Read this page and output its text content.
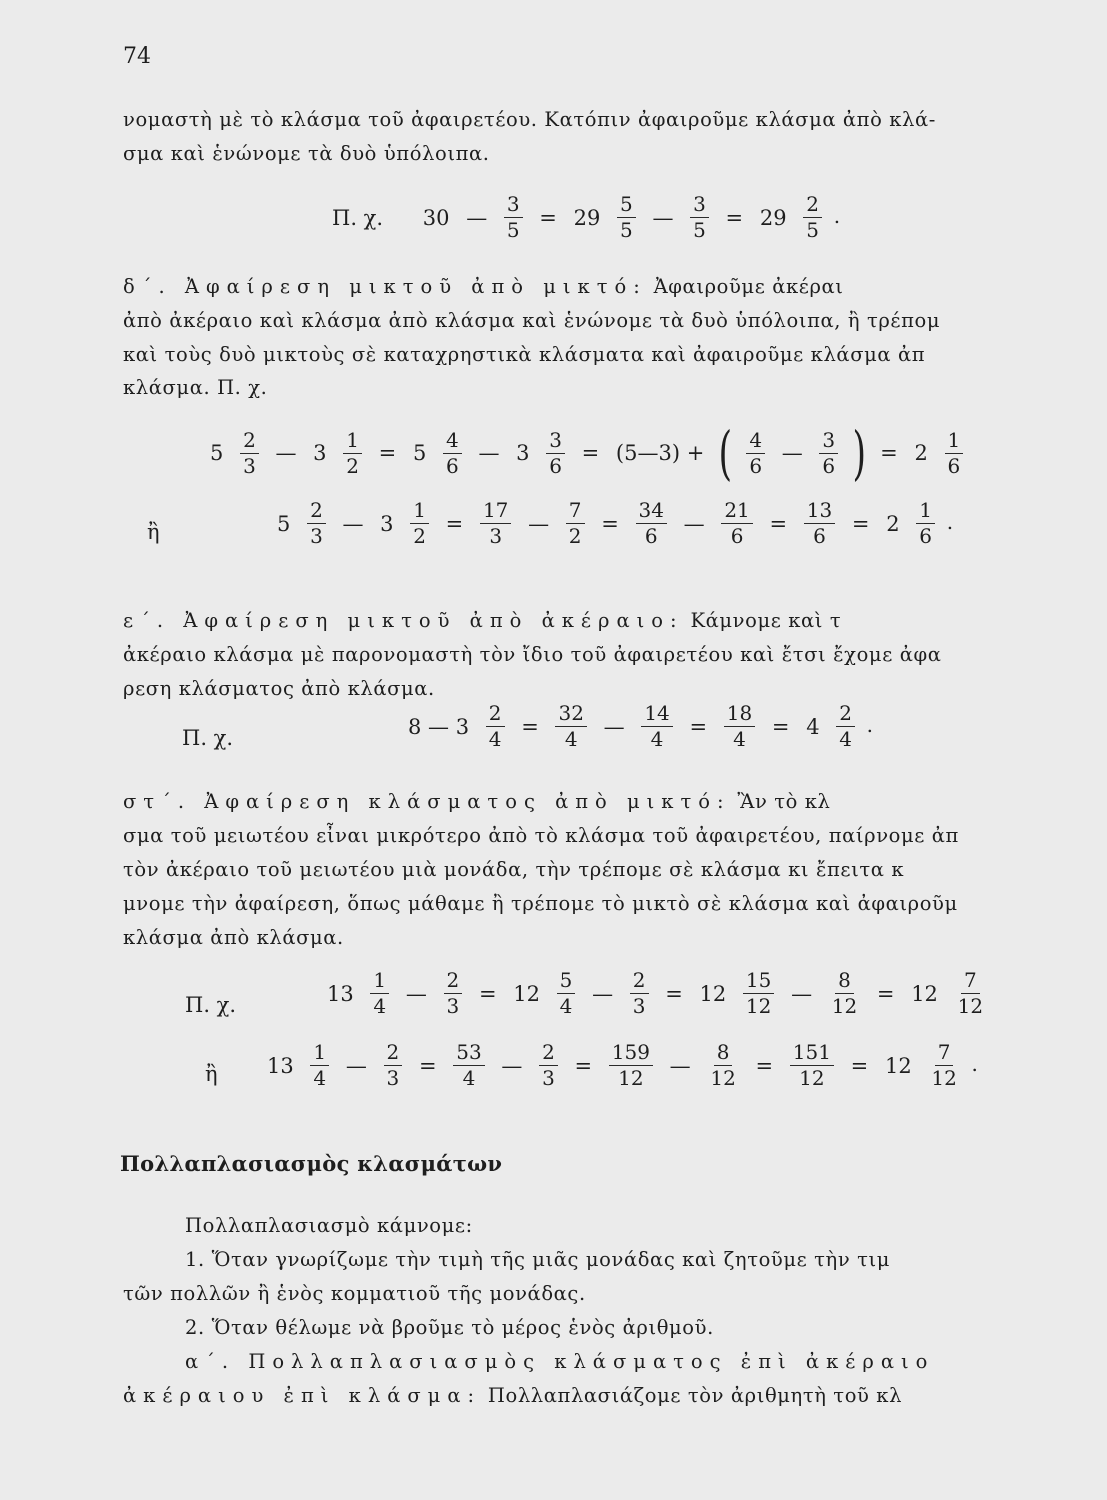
74
νομαστὴ μὲ τὸ κλάσμα τοῦ ἀφαιρετέου. Κατόπιν ἀφαιροῦμε κλάσμα ἀπὸ κλά-
σμα καὶ ἑνώνομε τὰ δυὸ ὑπόλοιπα.
Π. χ. 30 — $\frac{3}{5} = 29 \frac{5}{5}$ — $\frac{3}{5} = 29 \frac{2}{5}$ .
δ΄. Ἀφαίρεση μικτοῦ ἀπὸ μικτό: Ἀφαιροῦμε ἀκέραι
ἀπὸ ἀκέραιο καὶ κλάσμα ἀπὸ κλάσμα καὶ ἑνώνομε τὰ δυὸ ὑπόλοιπα, ἢ τρέπομ
καὶ τοὺς δυὸ μικτοὺς σὲ καταχρηστικὰ κλάσματα καὶ ἀφαιροῦμε κλάσμα ἀπ
κλάσμα. Π. χ.
$5 \frac{2}{3}$ — $3 \frac{1}{2} = 5 \frac{4}{6}$ — $3 \frac{3}{6}$ = (5—3) + ( $\frac{4}{6}$ — $\frac{3}{6}$ ) = $2 \frac{1}{6}$
ἢ	$5 \frac{2}{3}$ — $3 \frac{1}{2} = \frac{17}{3}$ — $\frac{7}{2} = \frac{34}{6}$ — $\frac{21}{6} = \frac{13}{6} = 2 \frac{1}{6}$ .
ε΄. Ἀφαίρεση μικτοῦ ἀπὸ ἀκέραιο: Κάμνομε καὶ τ
ἀκέραιο κλάσμα μὲ παρονομαστὴ τὸν ἴδιο τοῦ ἀφαιρετέου καὶ ἔτσι ἔχομε ἀφα
ρεση κλάσματος ἀπὸ κλάσμα.
Π. χ.	8 — $3 \frac{2}{4} = \frac{32}{4}$ — $\frac{14}{4} = \frac{18}{4} = 4 \frac{2}{4}$ .
στ΄. Ἀφαίρεση κλάσματος ἀπὸ μικτό: Ἂν τὸ κλ
σμα τοῦ μειωτέου εἶναι μικρότερο ἀπὸ τὸ κλάσμα τοῦ ἀφαιρετέου, παίρνομε ἀπ
τὸν ἀκέραιο τοῦ μειωτέου μιὰ μονάδα, τὴν τρέπομε σὲ κλάσμα κι ἔπειτα κ
μνομε τὴν ἀφαίρεση, ὅπως μάθαμε ἢ τρέπομε τὸ μικτὸ σὲ κλάσμα καὶ ἀφαιροῦμ
κλάσμα ἀπὸ κλάσμα.
Π. χ.	$13 \frac{1}{4}$ — $\frac{2}{3} = 12 \frac{5}{4}$ — $\frac{2}{3} = 12 \frac{15}{12}$ — $\frac{8}{12} = 12 \frac{7}{12}$
ἢ $13 \frac{1}{4}$ — $\frac{2}{3} = \frac{53}{4}$ — $\frac{2}{3} = \frac{159}{12}$ — $\frac{8}{12} = \frac{151}{12} = 12 \frac{7}{12}$ .
Πολλαπλασιασμὸς κλασμάτων
Πολλαπλασιασμὸ κάμνομε:
1. Ὅταν γνωρίζωμε τὴν τιμὴ τῆς μιᾶς μονάδας καὶ ζητοῦμε τὴν τιμ
τῶν πολλῶν ἢ ἑνὸς κομματιοῦ τῆς μονάδας.
2. Ὅταν θέλωμε νὰ βροῦμε τὸ μέρος ἑνὸς ἀριθμοῦ.
α΄. Πολλαπλασιασμὸς κλάσματος ἐπὶ ἀκέραιο
ἀκέραιου ἐπὶ κλάσμα: Πολλαπλασιάζομε τὸν ἀριθμητὴ τοῦ κλ
